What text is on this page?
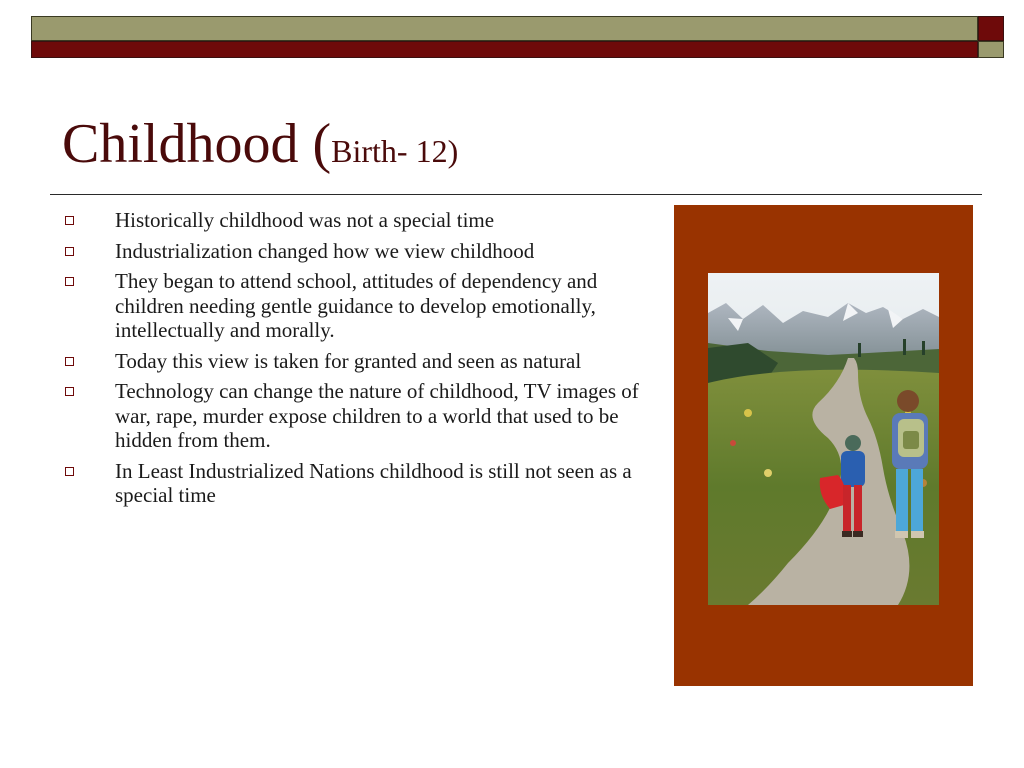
Childhood (Birth- 12)
Historically childhood was not a special time
Industrialization changed how we view childhood
They began to attend school, attitudes of dependency and children needing gentle guidance to develop emotionally, intellectually and morally.
Today this view is taken for granted and seen as natural
Technology can change the nature of childhood, TV images of war, rape, murder expose children to a world that used to be hidden from them.
In Least Industrialized Nations childhood is still not seen as a special time
